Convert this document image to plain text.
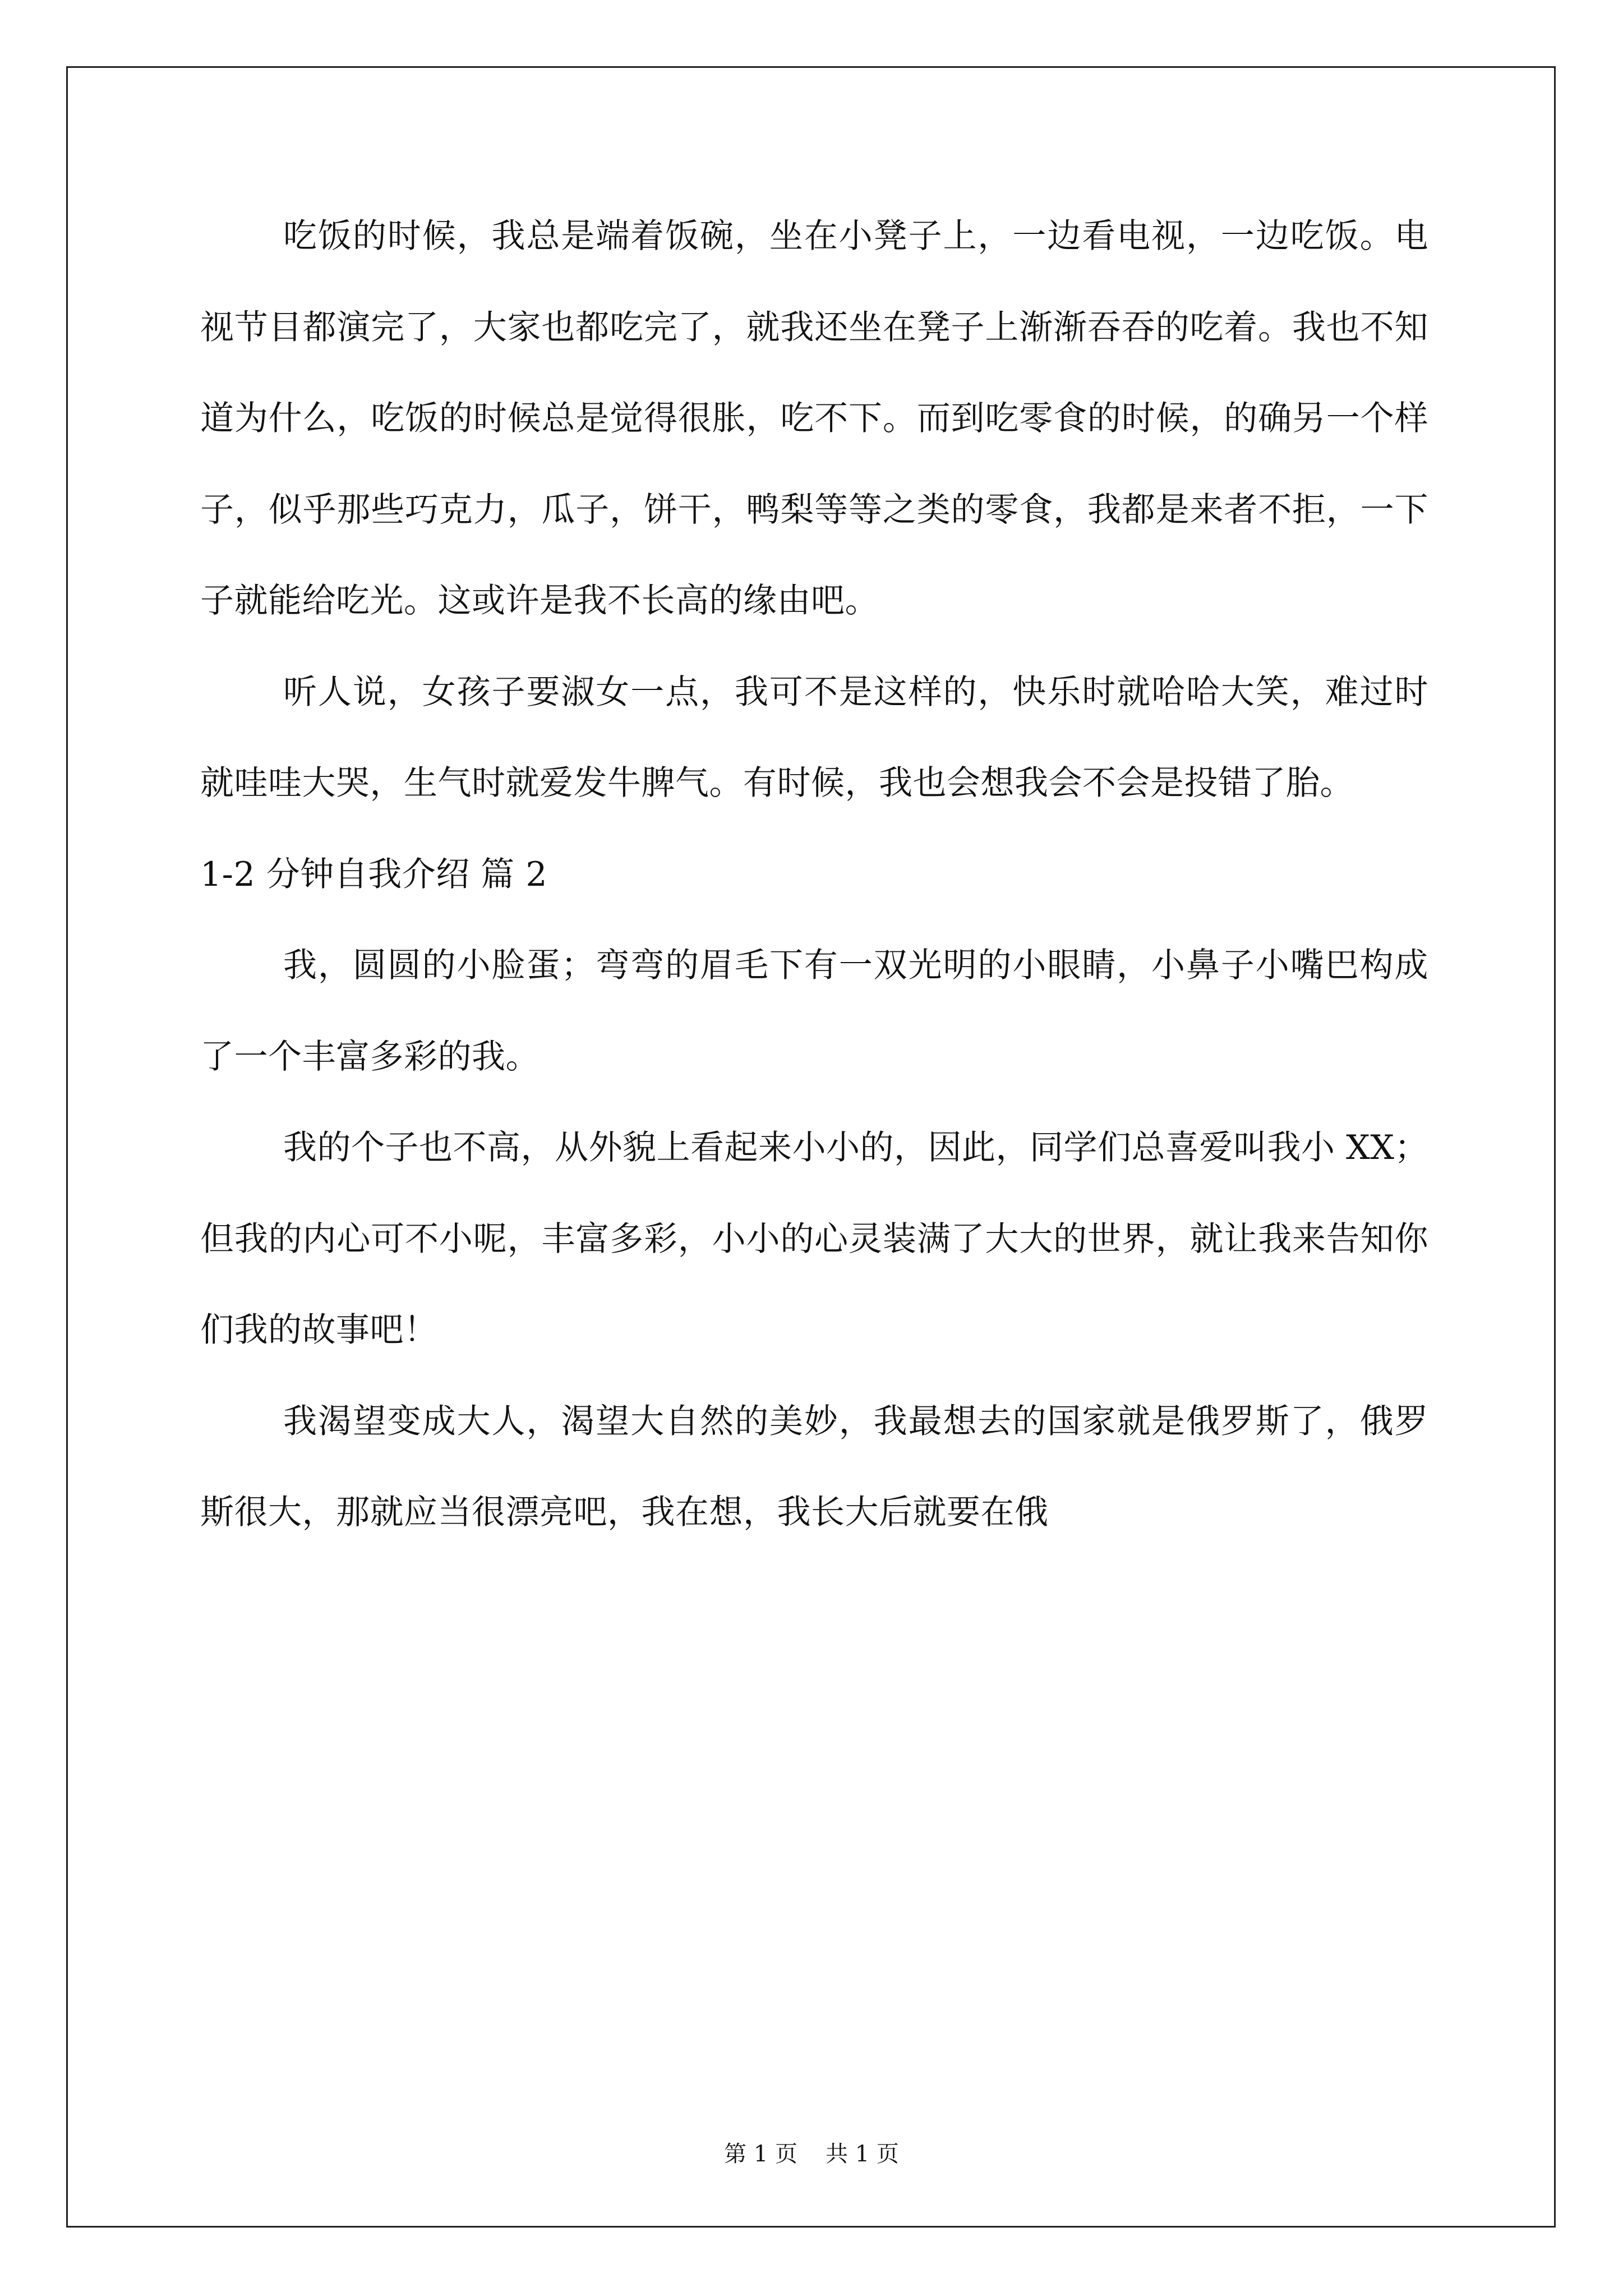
吃饭的时候，我总是端着饭碗，坐在小凳子上，一边看电视，一边吃饭。电视节目都演完了，大家也都吃完了，就我还坐在凳子上渐渐吞吞的吃着。我也不知道为什么，吃饭的时候总是觉得很胀，吃不下。而到吃零食的时候，的确另一个样子，似乎那些巧克力，瓜子，饼干，鸭梨等等之类的零食，我都是来者不拒，一下子就能给吃光。这或许是我不长高的缘由吧。

听人说，女孩子要淑女一点，我可不是这样的，快乐时就哈哈大笑，难过时就哇哇大哭，生气时就爱发牛脾气。有时候，我也会想我会不会是投错了胎。

1-2 分钟自我介绍 篇 2

我，圆圆的小脸蛋；弯弯的眉毛下有一双光明的小眼睛，小鼻子小嘴巴构成了一个丰富多彩的我。

我的个子也不高，从外貌上看起来小小的，因此，同学们总喜爱叫我小 XX；但我的内心可不小呢，丰富多彩，小小的心灵装满了大大的世界，就让我来告知你们我的故事吧！

我渴望变成大人，渴望大自然的美妙，我最想去的国家就是俄罗斯了，俄罗斯很大，那就应当很漂亮吧，我在想，我长大后就要在俄

第 1 页 共 1 页
